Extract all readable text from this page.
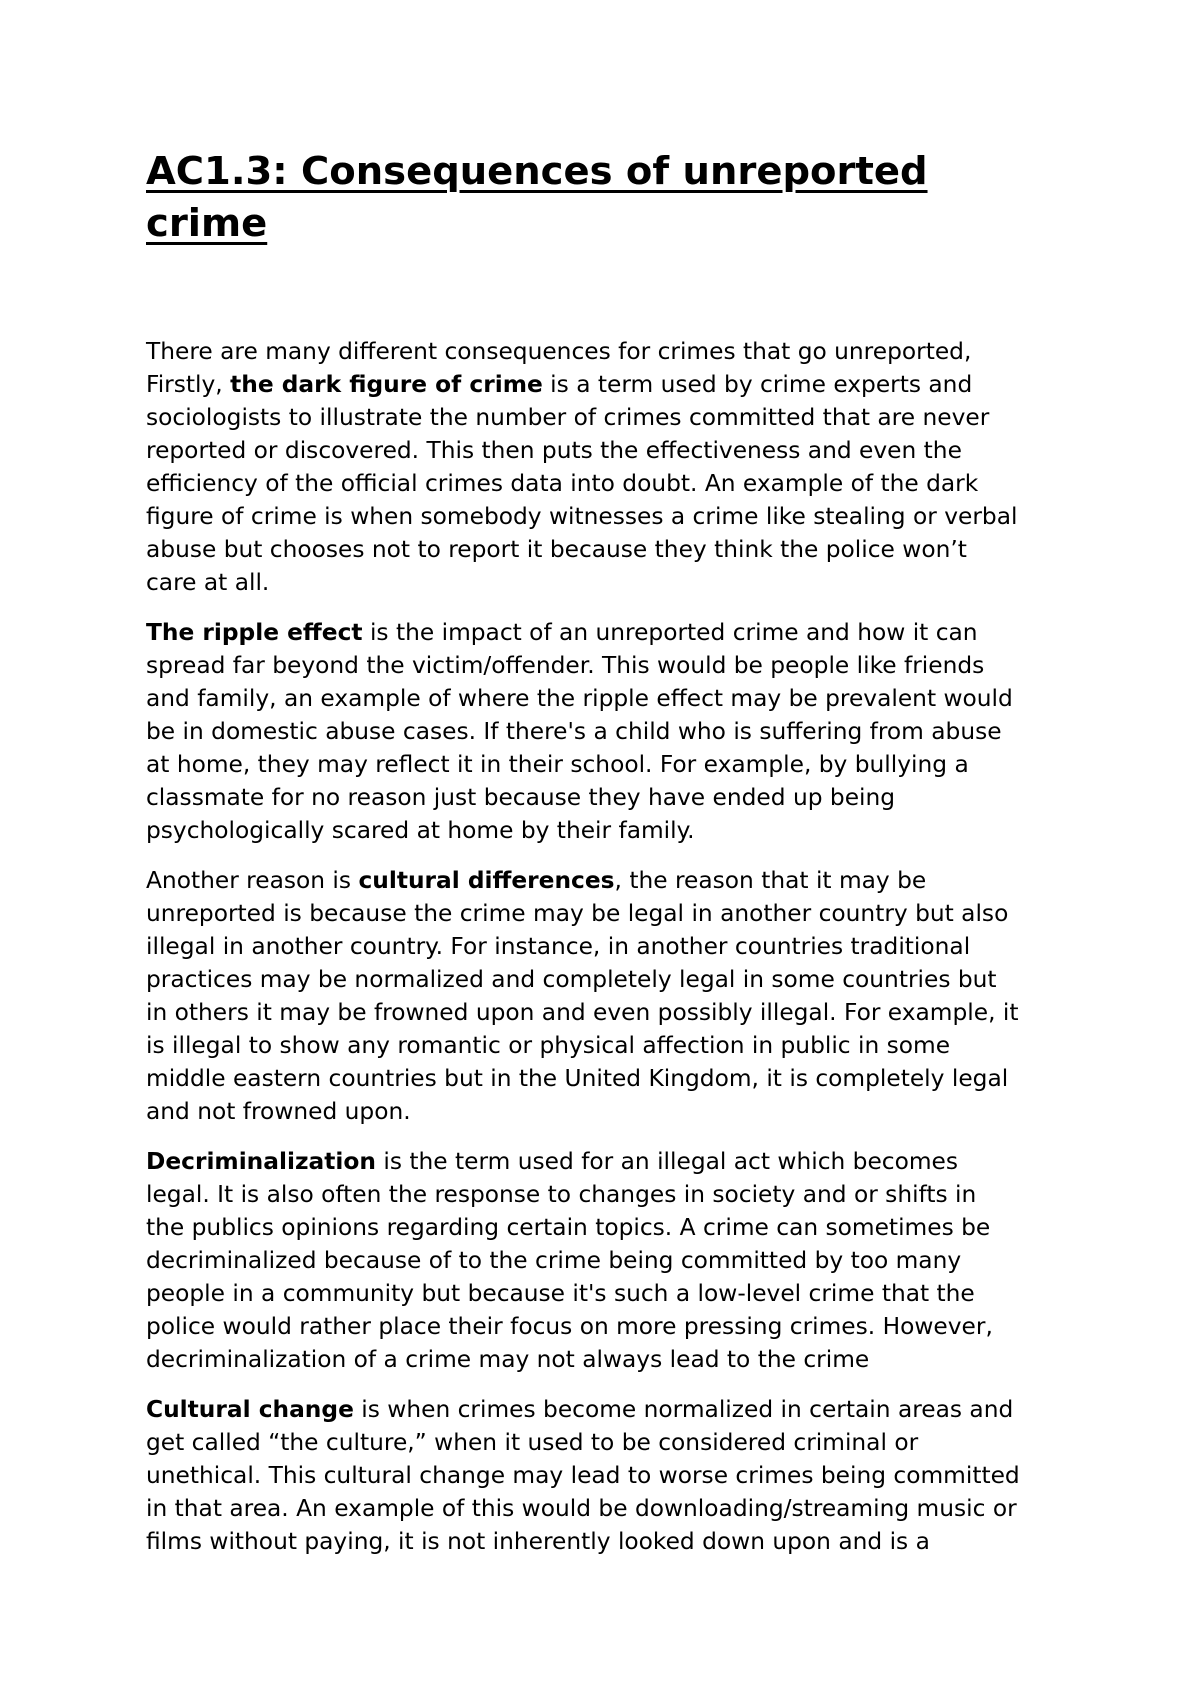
AC1.3: Consequences of unreported
crime

There are many different consequences for crimes that go unreported,
Firstly, the dark figure of crime is a term used by crime experts and
sociologists to illustrate the number of crimes committed that are never
reported or discovered. This then puts the effectiveness and even the
efficiency of the official crimes data into doubt. An example of the dark
figure of crime is when somebody witnesses a crime like stealing or verbal
abuse but chooses not to report it because they think the police won’t
care at all.

The ripple effect is the impact of an unreported crime and how it can
spread far beyond the victim/offender. This would be people like friends
and family, an example of where the ripple effect may be prevalent would
be in domestic abuse cases. If there's a child who is suffering from abuse
at home, they may reflect it in their school. For example, by bullying a
classmate for no reason just because they have ended up being
psychologically scared at home by their family.

Another reason is cultural differences, the reason that it may be
unreported is because the crime may be legal in another country but also
illegal in another country. For instance, in another countries traditional
practices may be normalized and completely legal in some countries but
in others it may be frowned upon and even possibly illegal. For example, it
is illegal to show any romantic or physical affection in public in some
middle eastern countries but in the United Kingdom, it is completely legal
and not frowned upon.

Decriminalization is the term used for an illegal act which becomes
legal. It is also often the response to changes in society and or shifts in
the publics opinions regarding certain topics. A crime can sometimes be
decriminalized because of to the crime being committed by too many
people in a community but because it's such a low-level crime that the
police would rather place their focus on more pressing crimes. However,
decriminalization of a crime may not always lead to the crime

Cultural change is when crimes become normalized in certain areas and
get called “the culture,” when it used to be considered criminal or
unethical. This cultural change may lead to worse crimes being committed
in that area. An example of this would be downloading/streaming music or
films without paying, it is not inherently looked down upon and is a
